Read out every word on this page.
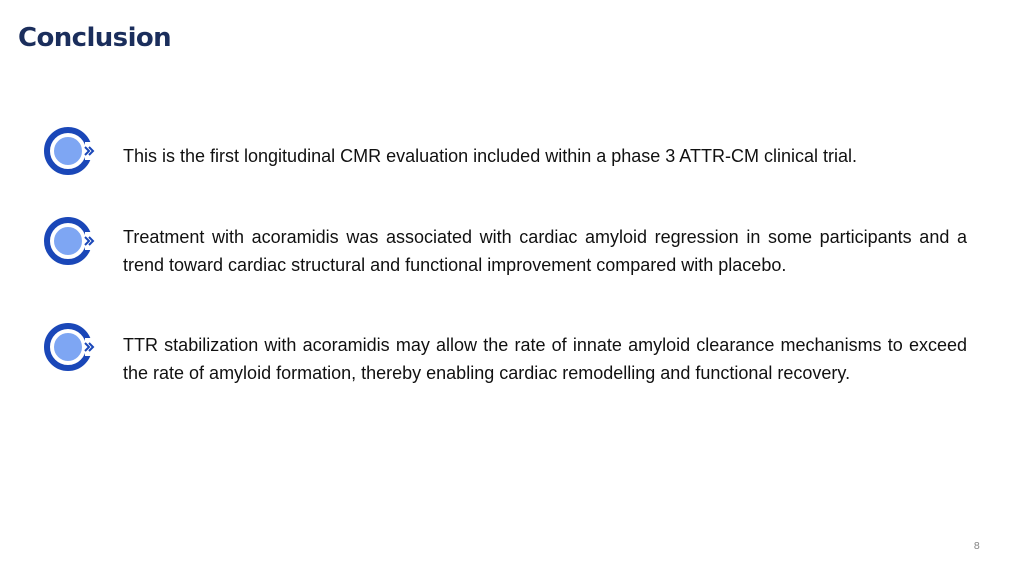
Conclusion
This is the first longitudinal CMR evaluation included within a phase 3 ATTR-CM clinical trial.
Treatment with acoramidis was associated with cardiac amyloid regression in some participants and a trend toward cardiac structural and functional improvement compared with placebo.
TTR stabilization with acoramidis may allow the rate of innate amyloid clearance mechanisms to exceed the rate of amyloid formation, thereby enabling cardiac remodelling and functional recovery.
8
